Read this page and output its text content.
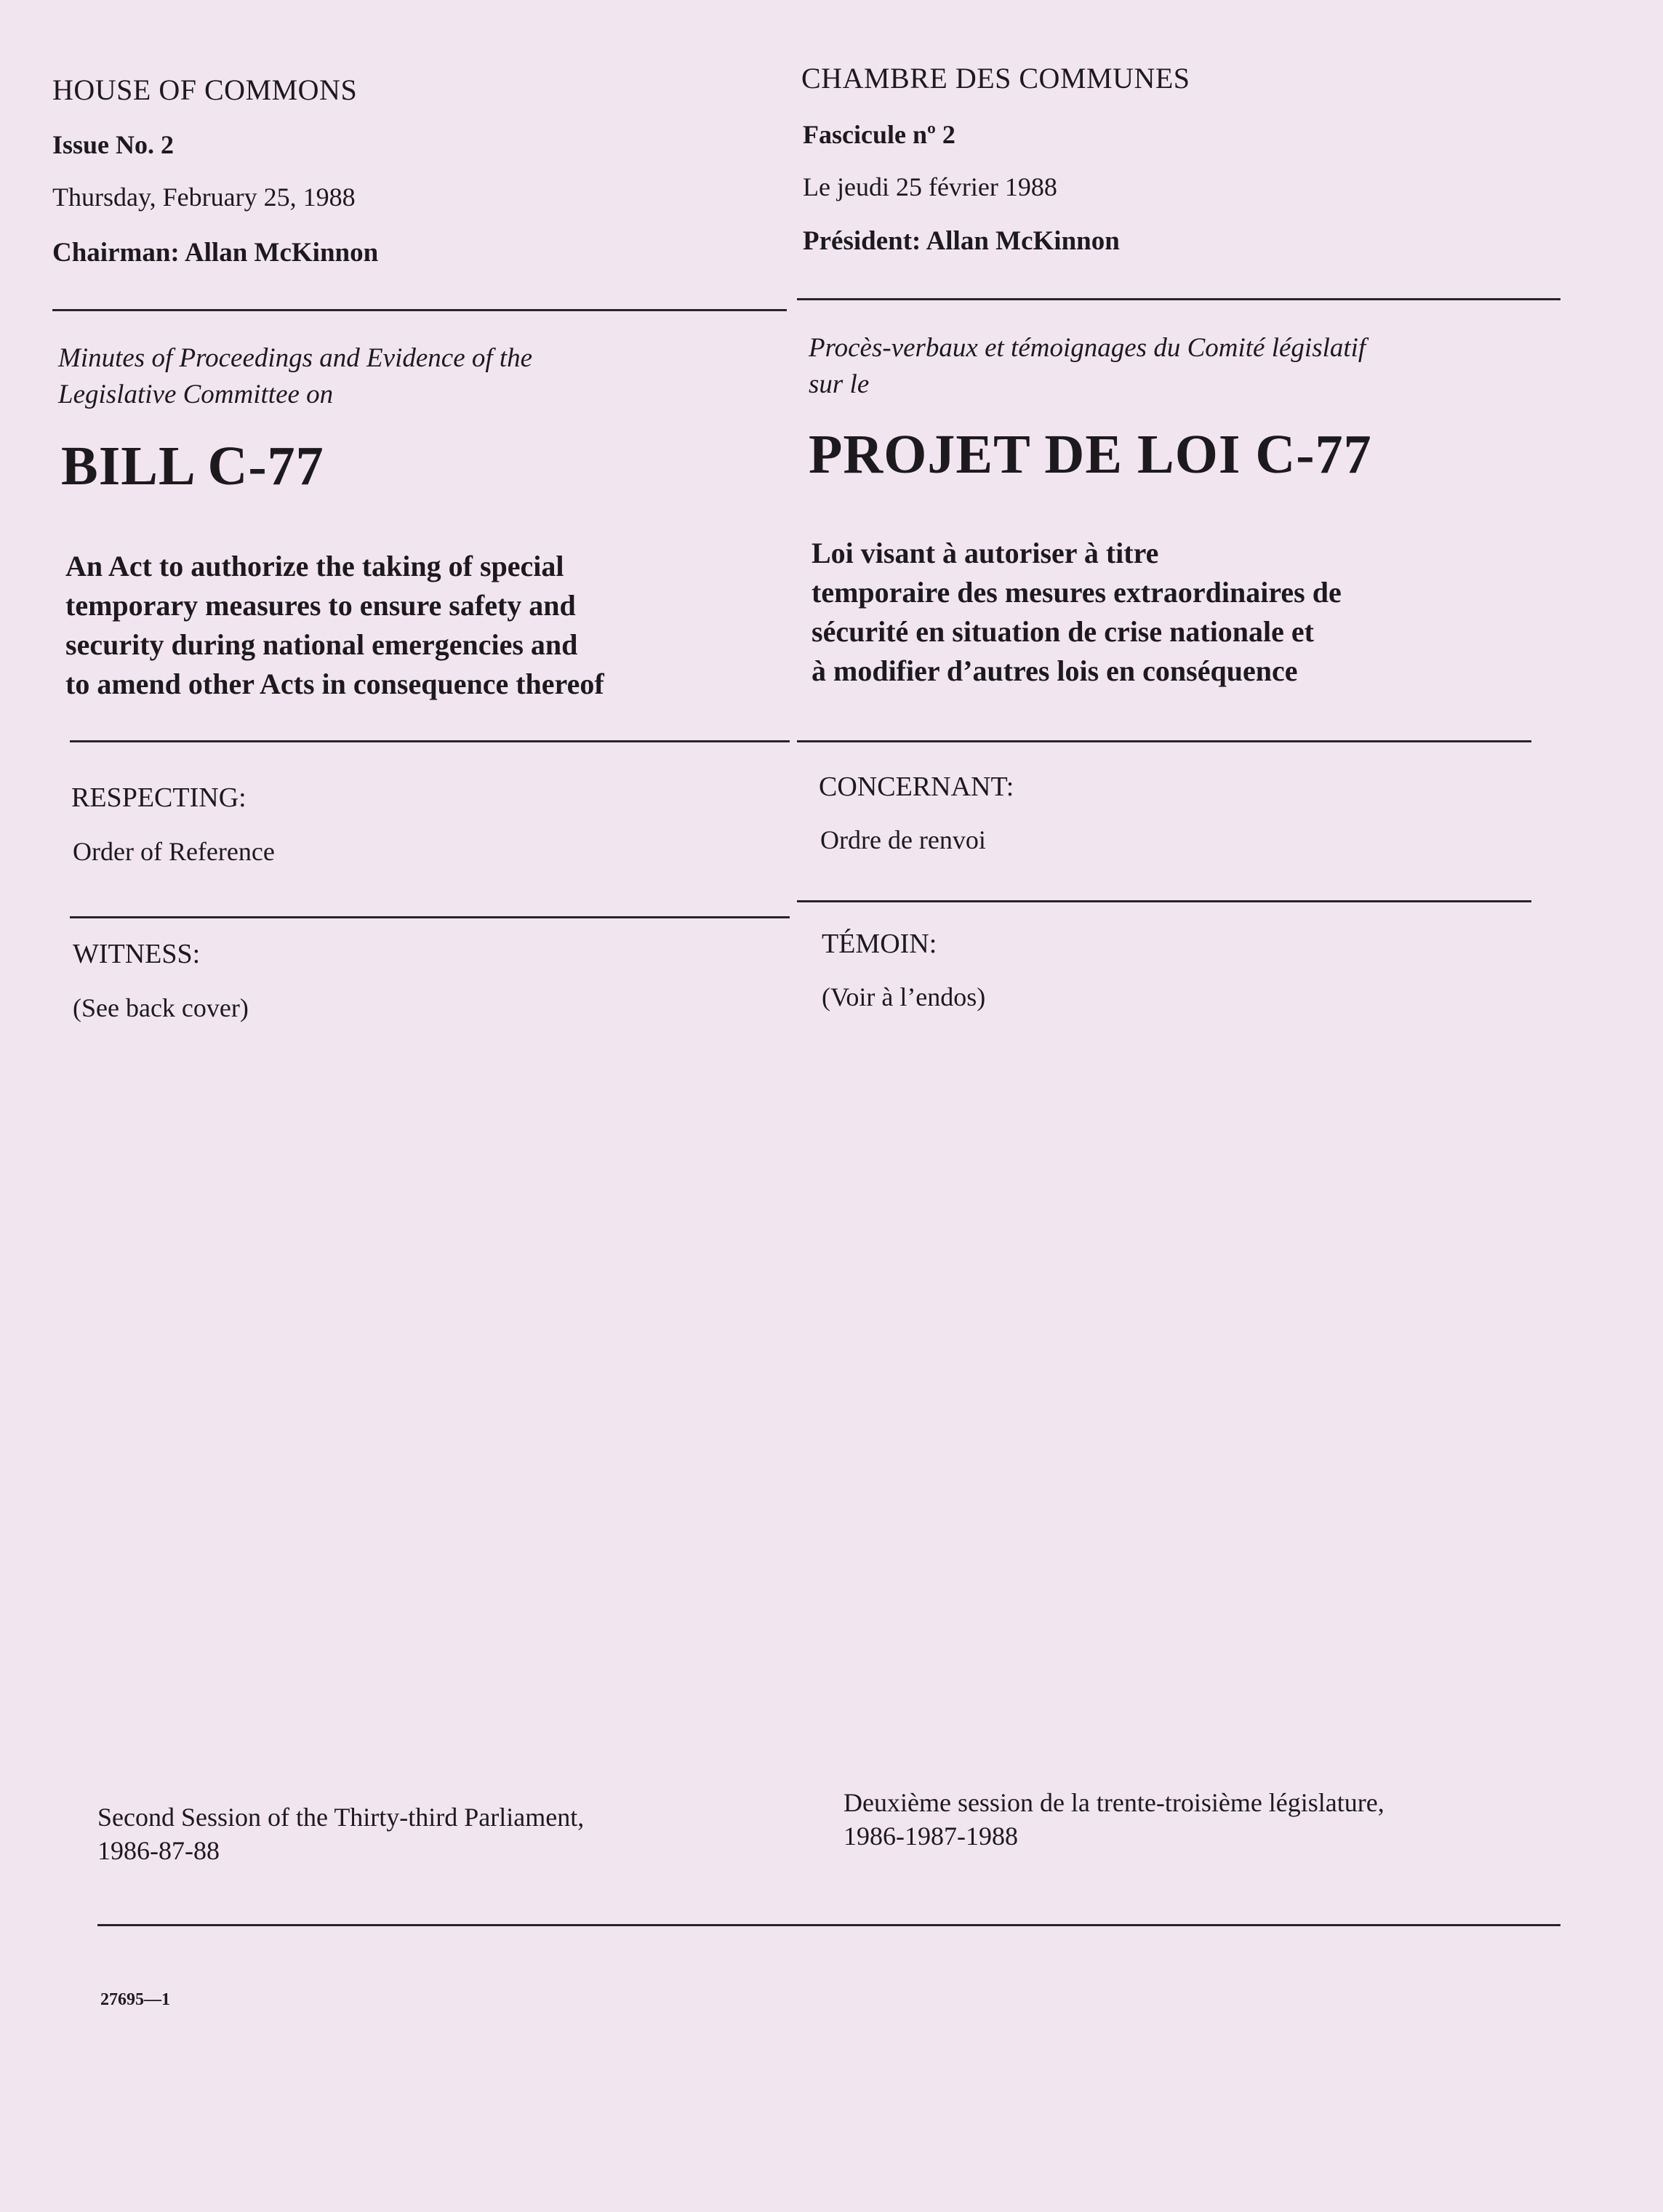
HOUSE OF COMMONS
Issue No. 2
Thursday, February 25, 1988
Chairman: Allan McKinnon
Minutes of Proceedings and Evidence of the
Legislative Committee on
BILL C-77
An Act to authorize the taking of special
temporary measures to ensure safety and
security during national emergencies and
to amend other Acts in consequence thereof
RESPECTING:
Order of Reference
WITNESS:
(See back cover)
Second Session of the Thirty-third Parliament,
1986-87-88
27695—1
CHAMBRE DES COMMUNES
Fascicule nº 2
Le jeudi 25 février 1988
Président: Allan McKinnon
Procès-verbaux et témoignages du Comité législatif
sur le
PROJET DE LOI C-77
Loi visant à autoriser à titre
temporaire des mesures extraordinaires de
sécurité en situation de crise nationale et
à modifier d’autres lois en conséquence
CONCERNANT:
Ordre de renvoi
TÉMOIN:
(Voir à l’endos)
Deuxième session de la trente-troisième législature,
1986-1987-1988
